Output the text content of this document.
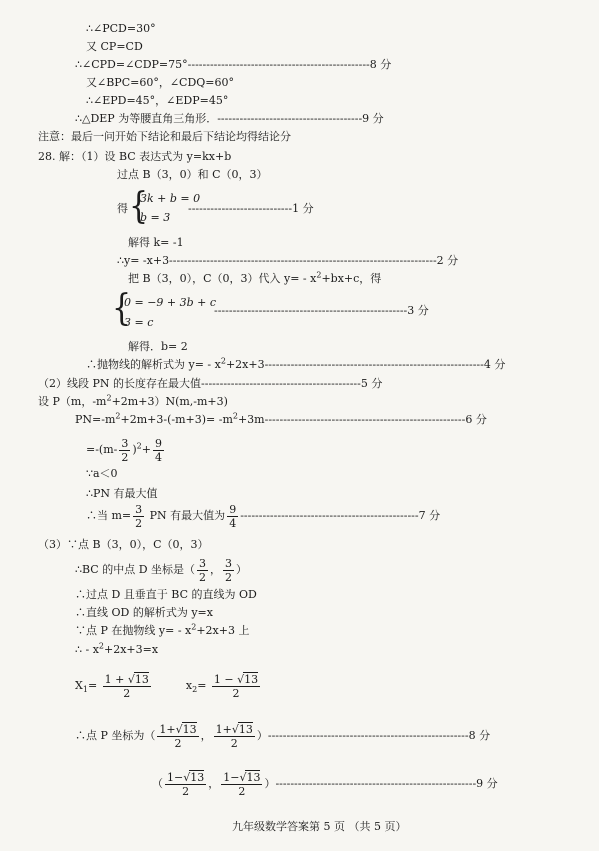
∴∠PCD=30°
又 CP=CD
∴∠CPD=∠CDP=75°-------------------------------------------------8 分
又∠BPC=60°，∠CDQ=60°
∴∠EPD=45°，∠EDP=45°
∴△DEP 为等腰直角三角形．---------------------------------------9 分
注意：最后一问开始下结论和最后下结论均得结论分
28. 解：（1）设 BC 表达式为 y=kx+b
过点 B（3，0）和 C（0，3）
得 {
3k + b = 0
b = 3
----------------------------1 分
解得 k= -1
∴y= -x+3------------------------------------------------------------------------2 分
把 B（3，0），C（0，3）代入 $y= - x^2+bx+c$，得
{
0 = −9 + 3b + c
3 = c
----------------------------------------------------3 分
解得．b= 2
∴抛物线的解析式为 $y= - x^2+2x+3-----------------------------------------------------------4$ 分
（2）线段 PN 的长度存在最大值-------------------------------------------5 分
设 P（m，$-m^2+2m+3)N(m,-m+3)$
$PN=-m^2+2m+3-(-m+3)= -m^2+3m------------------------------------------------------6$ 分
$=-(m- \frac{3}{2} )^2+ \frac{9}{4}$
∵a＜0
∴PN 有最大值
∴当 $m= \frac{3}{2}$ PN 有最大值为 $\frac{9}{4} ------------------------------------------------7$ 分
（3）∵点 B（3，0），C（0，3）
∴BC 的中点 D 坐标是（ $\frac{3}{2}$ ， $\frac{3}{2}$ ）
∴过点 D 且垂直于 BC 的直线为 OD
∴直线 OD 的解析式为 y=x
∵点 P 在抛物线 $y= - x^2+2x+3$ 上
∴ - $x^2+2x+3=x$
$X_1= \frac{1 + √13}{2}$	$x_2= \frac{1 - √13}{2}$
∴点 P 坐标为（ $\frac{1+√13}{2}$ ， $\frac{1+√13}{2} )------------------------------------------------------8$ 分
（ $\frac{1-√13}{2}$ ， $\frac{1-√13}{2} )------------------------------------------------------9$ 分
九年级数学答案第 5 页 （共 5 页）
